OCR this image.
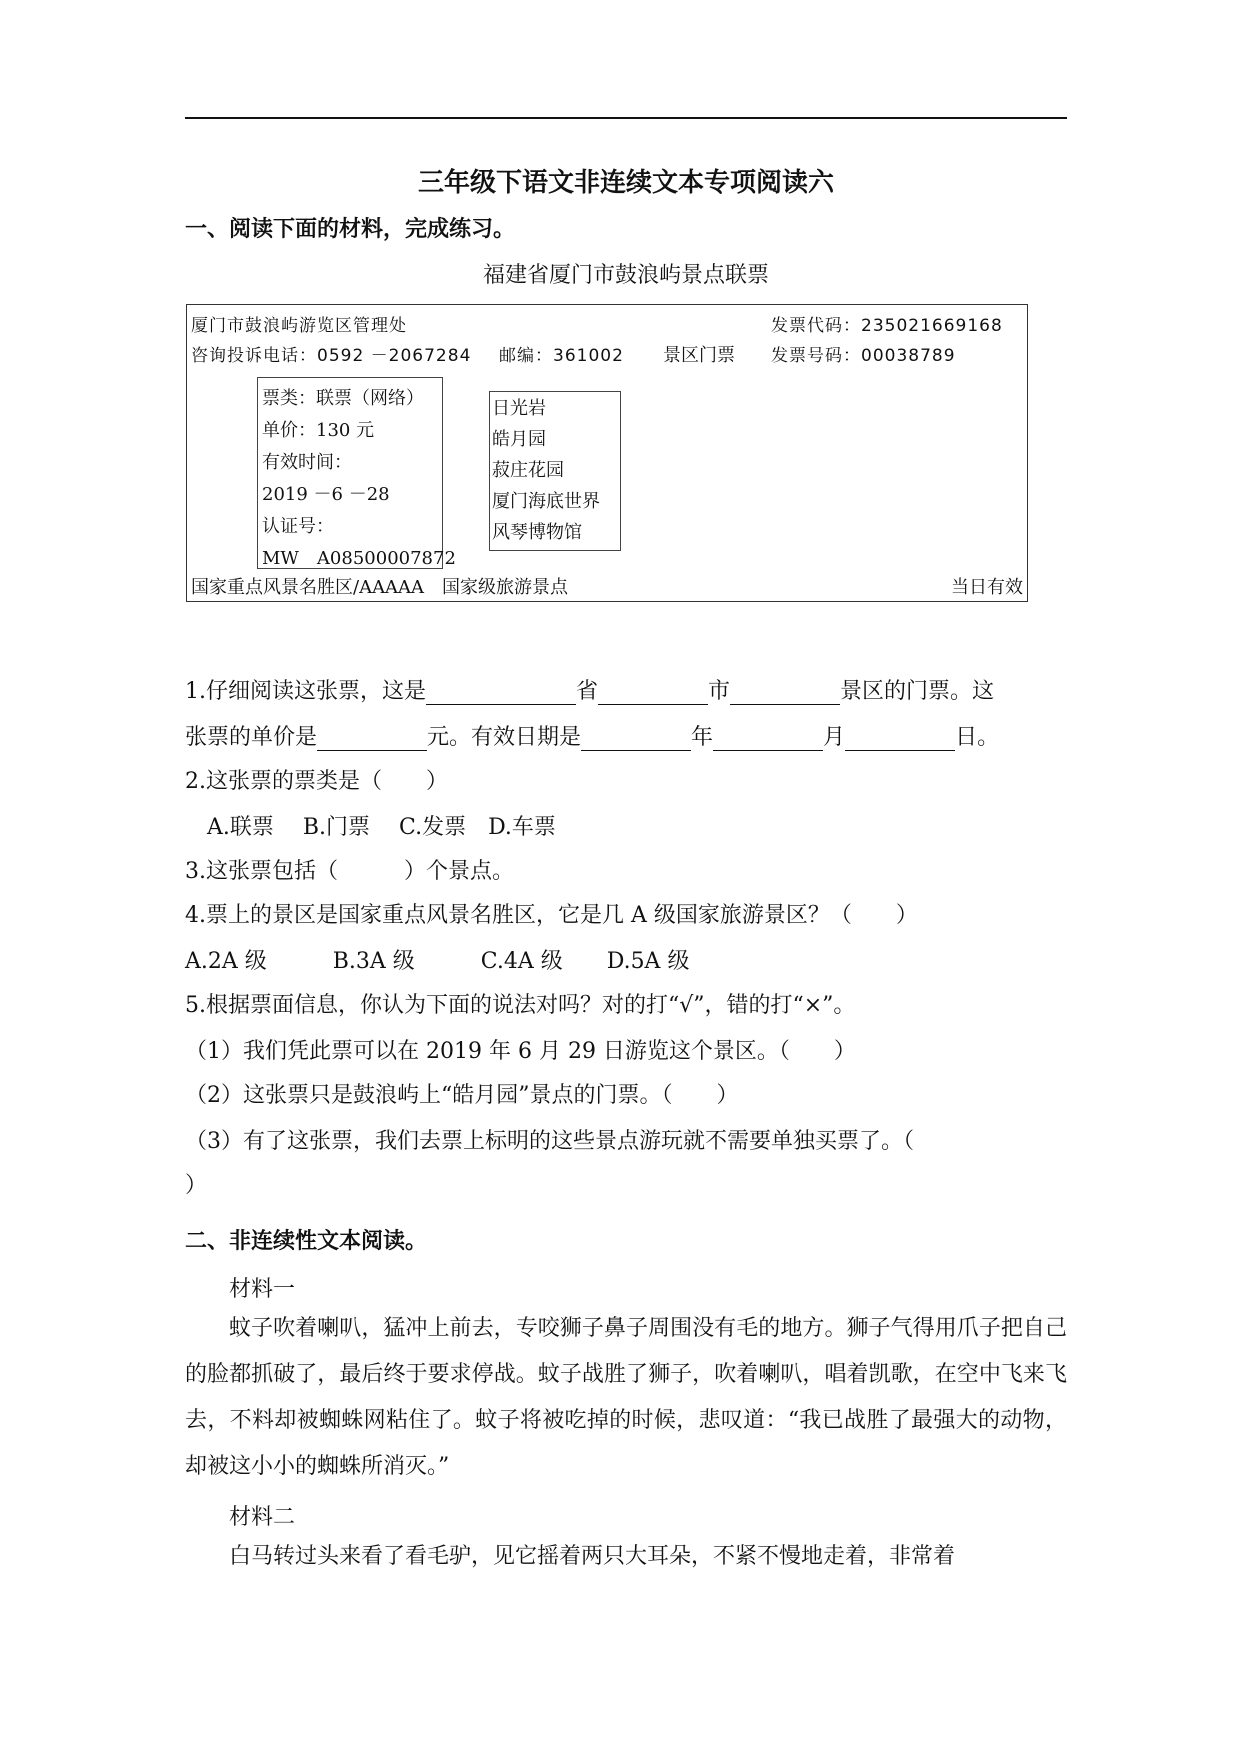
三年级下语文非连续文本专项阅读六
一、阅读下面的材料，完成练习。
福建省厦门市鼓浪屿景点联票
厦门市鼓浪屿游览区管理处	发票代码：235021669168
咨询投诉电话：0592 －2067284 邮编：361002 景区门票 发票号码：00038789
票类：联票（网络）
单价：130 元
有效时间：
2019 －6 －28
认证号：
MW　A08500007872
日光岩
皓月园
菽庄花园
厦门海底世界
风琴博物馆
国家重点风景名胜区/AAAAA　国家级旅游景点	当日有效
1.仔细阅读这张票，这是	省	市	景区的门票。这
张票的单价是	元。有效日期是	年	月	日。
2.这张票的票类是（　　）
A.联票　 B.门票　 C.发票　D.车票
3.这张票包括（　　　）个景点。
4.票上的景区是国家重点风景名胜区，它是几 A 级国家旅游景区？（　　）
A.2A 级　　　B.3A 级　　　C.4A 级　　D.5A 级
5.根据票面信息，你认为下面的说法对吗？对的打“√”，错的打“×”。
（1）我们凭此票可以在 2019 年 6 月 29 日游览这个景区。（　　）
（2）这张票只是鼓浪屿上“皓月园”景点的门票。（　　）
（3）有了这张票，我们去票上标明的这些景点游玩就不需要单独买票了。（
）
二、非连续性文本阅读。
材料一
蚊子吹着喇叭，猛冲上前去，专咬狮子鼻子周围没有毛的地方。狮子气得用爪子把自己的脸都抓破了，最后终于要求停战。蚊子战胜了狮子，吹着喇叭，唱着凯歌，在空中飞来飞去，不料却被蜘蛛网粘住了。蚊子将被吃掉的时候，悲叹道：“我已战胜了最强大的动物，却被这小小的蜘蛛所消灭。”
材料二
白马转过头来看了看毛驴，见它摇着两只大耳朵，不紧不慢地走着，非常着
